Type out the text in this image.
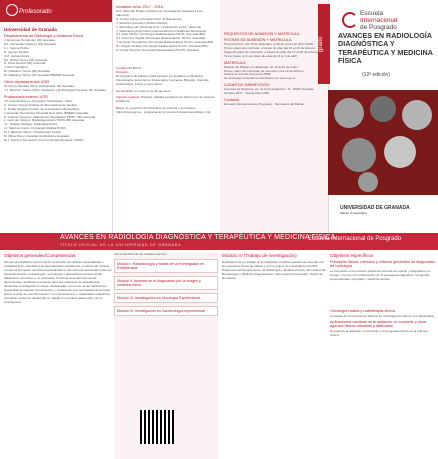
Profesorado
Universidad de Granada
Departamento de Radiología y Medicina Física
J. Espinosa Hernández (IR) Granada
M.I. Fernández Cabrera (IR) Granada
L.L. García Puche
N. Gómez Peralta
J.M. Llamas Elvira
M.I. Núñez Torres (IR) Granada
N. Olea Serrano (IR) Granada
J. Ruiz Caballero
M. Villalobos Torres (IR) Granada
M. Villalobos Torres (IR) Granada IBIMER Granada
Otros departamentos UGR
M. Arroyo Morales (Dpto. Fisioterapia, IR) Granada
J.J. Martínez Carles (Dpto. Anatomía y Embriología Humana, IR) Granada
Profesorado externo UGR
J.F. Aranda Moreno (Complejo Hospitalario, Jaén)
A. Carrero Moya (Instituto de Biomedicina de Sevilla)
A. Durán Segarra (Centro de Investigación Biomédica)
J. Exposito Hernández (Hospital Ruiz Alda, IBIMER Granada)
D. Galindo Cisneros, Radiofísica Hospitalaria PMTC, IBS Granada
L. Guzmán Álvarez, Radiodiagnóstico HUVN IBS Granada
J.L. Hidalgo Rodrigo, Radiodiagnóstico
I.J. Martínez Liedo, Oncología Médica HUVN
M.J. Martínez Pérez, Hospital San Cecilio
M. Miras Pérez, Facultad de Medicina Granada
M.J. Serrano Fernández (Centro Nicolás Monarde, SSPA)
Invitados curso 2017 - 2018
M.A. Albendín Bajare (Instituto de Investigación Sanitaria La Fe, Valencia)
S. Cortés Arango (Hospital Clínic de Barcelona)
J. Sánchez González (Philips Ibérica)
L. Martí-Bonmatí (Hospital Univ. y Politécnico La Fe, Valencia)
J. Villanueva (Asymmetric General Electric Healthcare Barcelona)
F.J. Díaz Vilchez (Oncología Radioterápica HUVN, Granada IBS)
P.J. Guerrero Tejada (Oncología Radioterápica, HUVN, Granada)
J. Exposito Hernández (Oncología Radioterápica HUVN, Granada IBS)
P.I. Vargas Arrabal (Oncología Radioterápica HUVN, Granada IBS)
M. Zurita Herrera, Oncología Radioterápica HUVN, Granada
Créditos 60 ECTS
Duración
El programa de Máster podrá acceder los titulados en Medicina, Odontología, Enfermería, Fisioterapia, Farmacia, Biología, Ciencias Ambientales, Física y otros afines.
Se admitirán un máximo de 40 alumnos
Impartir mediante Práctica: palabra pendiente de Opción por la Junta de Andalucía
Bases de selección del Ministerio de Ciencia e Innovación
https://www.ugr.es · programa de la Comisión Académica Máster Ugr
REQUISITOS DE ADMISIÓN Y MATRÍCULA
FECHAS DE ADMISIÓN Y MATRÍCULA
Preinscripción: del 15 de diciembre al 30 de enero de 2017-2018
Primer plazo de matrícula: a través de plan del 15 al 16 de febrero
Segundo plazo de matrícula: a través de plan del 17 al 28 de febrero
Tercer plazo: a fin de plazo de ellas del 3 al 4 de abril
MATRÍCULA
Módulo del Máster en radiología: de 18 al 21 de enero
Primer plazo de matrícula: se concede a los 12 de febrero
Abonar el importe del precio 250€
Se aconseja consultar la información en www.ugr.es
LUGAR DE IMPARTICIÓN
Facultad de Medicina, Av. de la Investigación, 11, 18016 Granada
Octubre 2017 - Septiembre 2018
Contacto
Escuela Internacional de Posgrado · Secretaría del Máster
grado
Escuela
Internacional
de Posgrado
AVANCES EN RADIOLOGÍA DIAGNÓSTICA Y TERAPÉUTICA Y MEDICINA FÍSICA
(12ª edición)
UNIVERSIDAD DE GRANADA
Máster Universitario
AVANCES EN RADIOLOGÍA DIAGNÓSTICA Y TERAPÉUTICA Y MEDICINA FÍSICA
TÍTULO OFICIAL DE LA UNIVERSIDAD DE GRANADA
Escuela Internacional de Posgrado
Objetivos generales/Competencias
Ofrecer al estudiante una formación avanzada, de carácter especializado o multidisciplinar, orientada a la especialización académica o profesional. Ofrecer a todos la formación científica especializada en las técnicas avanzadas sobre los principios físicos, metodologías, tecnologías y aplicaciones clínicas de las radiaciones ionizantes y no ionizantes. Presenta a los alumnos de las herramientas científicas necesarias para que adquieran la capacidad de desarrollar investigación en áreas relacionadas con el uso de las radiaciones. Capacidad de integrar conocimientos y enfrentarse a la complejidad de formular juicios a partir de una información. Los conocimientos y capacidades adquiridos permitirán al alumno desarrollar su trabajo en el ámbito asistencial y de la investigación.
Los contenidos de los módulos teóricos
Módulo I. Radiobiología y Bases de la Investigación en Radioterapia
Módulo II. Avances en el diagnóstico por la imagen y medicina física
Módulo III. Investigación en Oncología Experimental
Módulo IV. Investigación en Cancerología experimental
Módulo IV (Trabajo de investigación)
Realización de un trabajo de investigación científica tutelado de acuerdo con las siguientes líneas de trabajo y en los grupos de investigación del IBS. Profesores del Departamento de Radiología y Medicina Física, del Instituto de Biopatología y Medicina Regenerativa y del Hospital Universitario Virgen de las Nieves.
Objetivos específicos
Principios físicos, métodos y criterios generales de diagnóstico en radiología
La formación en la práctica médica de técnicas de estudio y diagnóstico por imagen. Conocer los fundamentos de la resonancia magnética, tomografía computarizada, ecografía y medicina nuclear.
Oncología básica y radioterapia clínica
Una base de conocimientos básicos en la biología del cáncer y la radioterapia.
Aplicaciones médicas de la radiación no ionizante y otros agentes físicos naturales y artificiales
El papel de la radiación no ionizante y otros agentes físicos en la práctica clínica.
